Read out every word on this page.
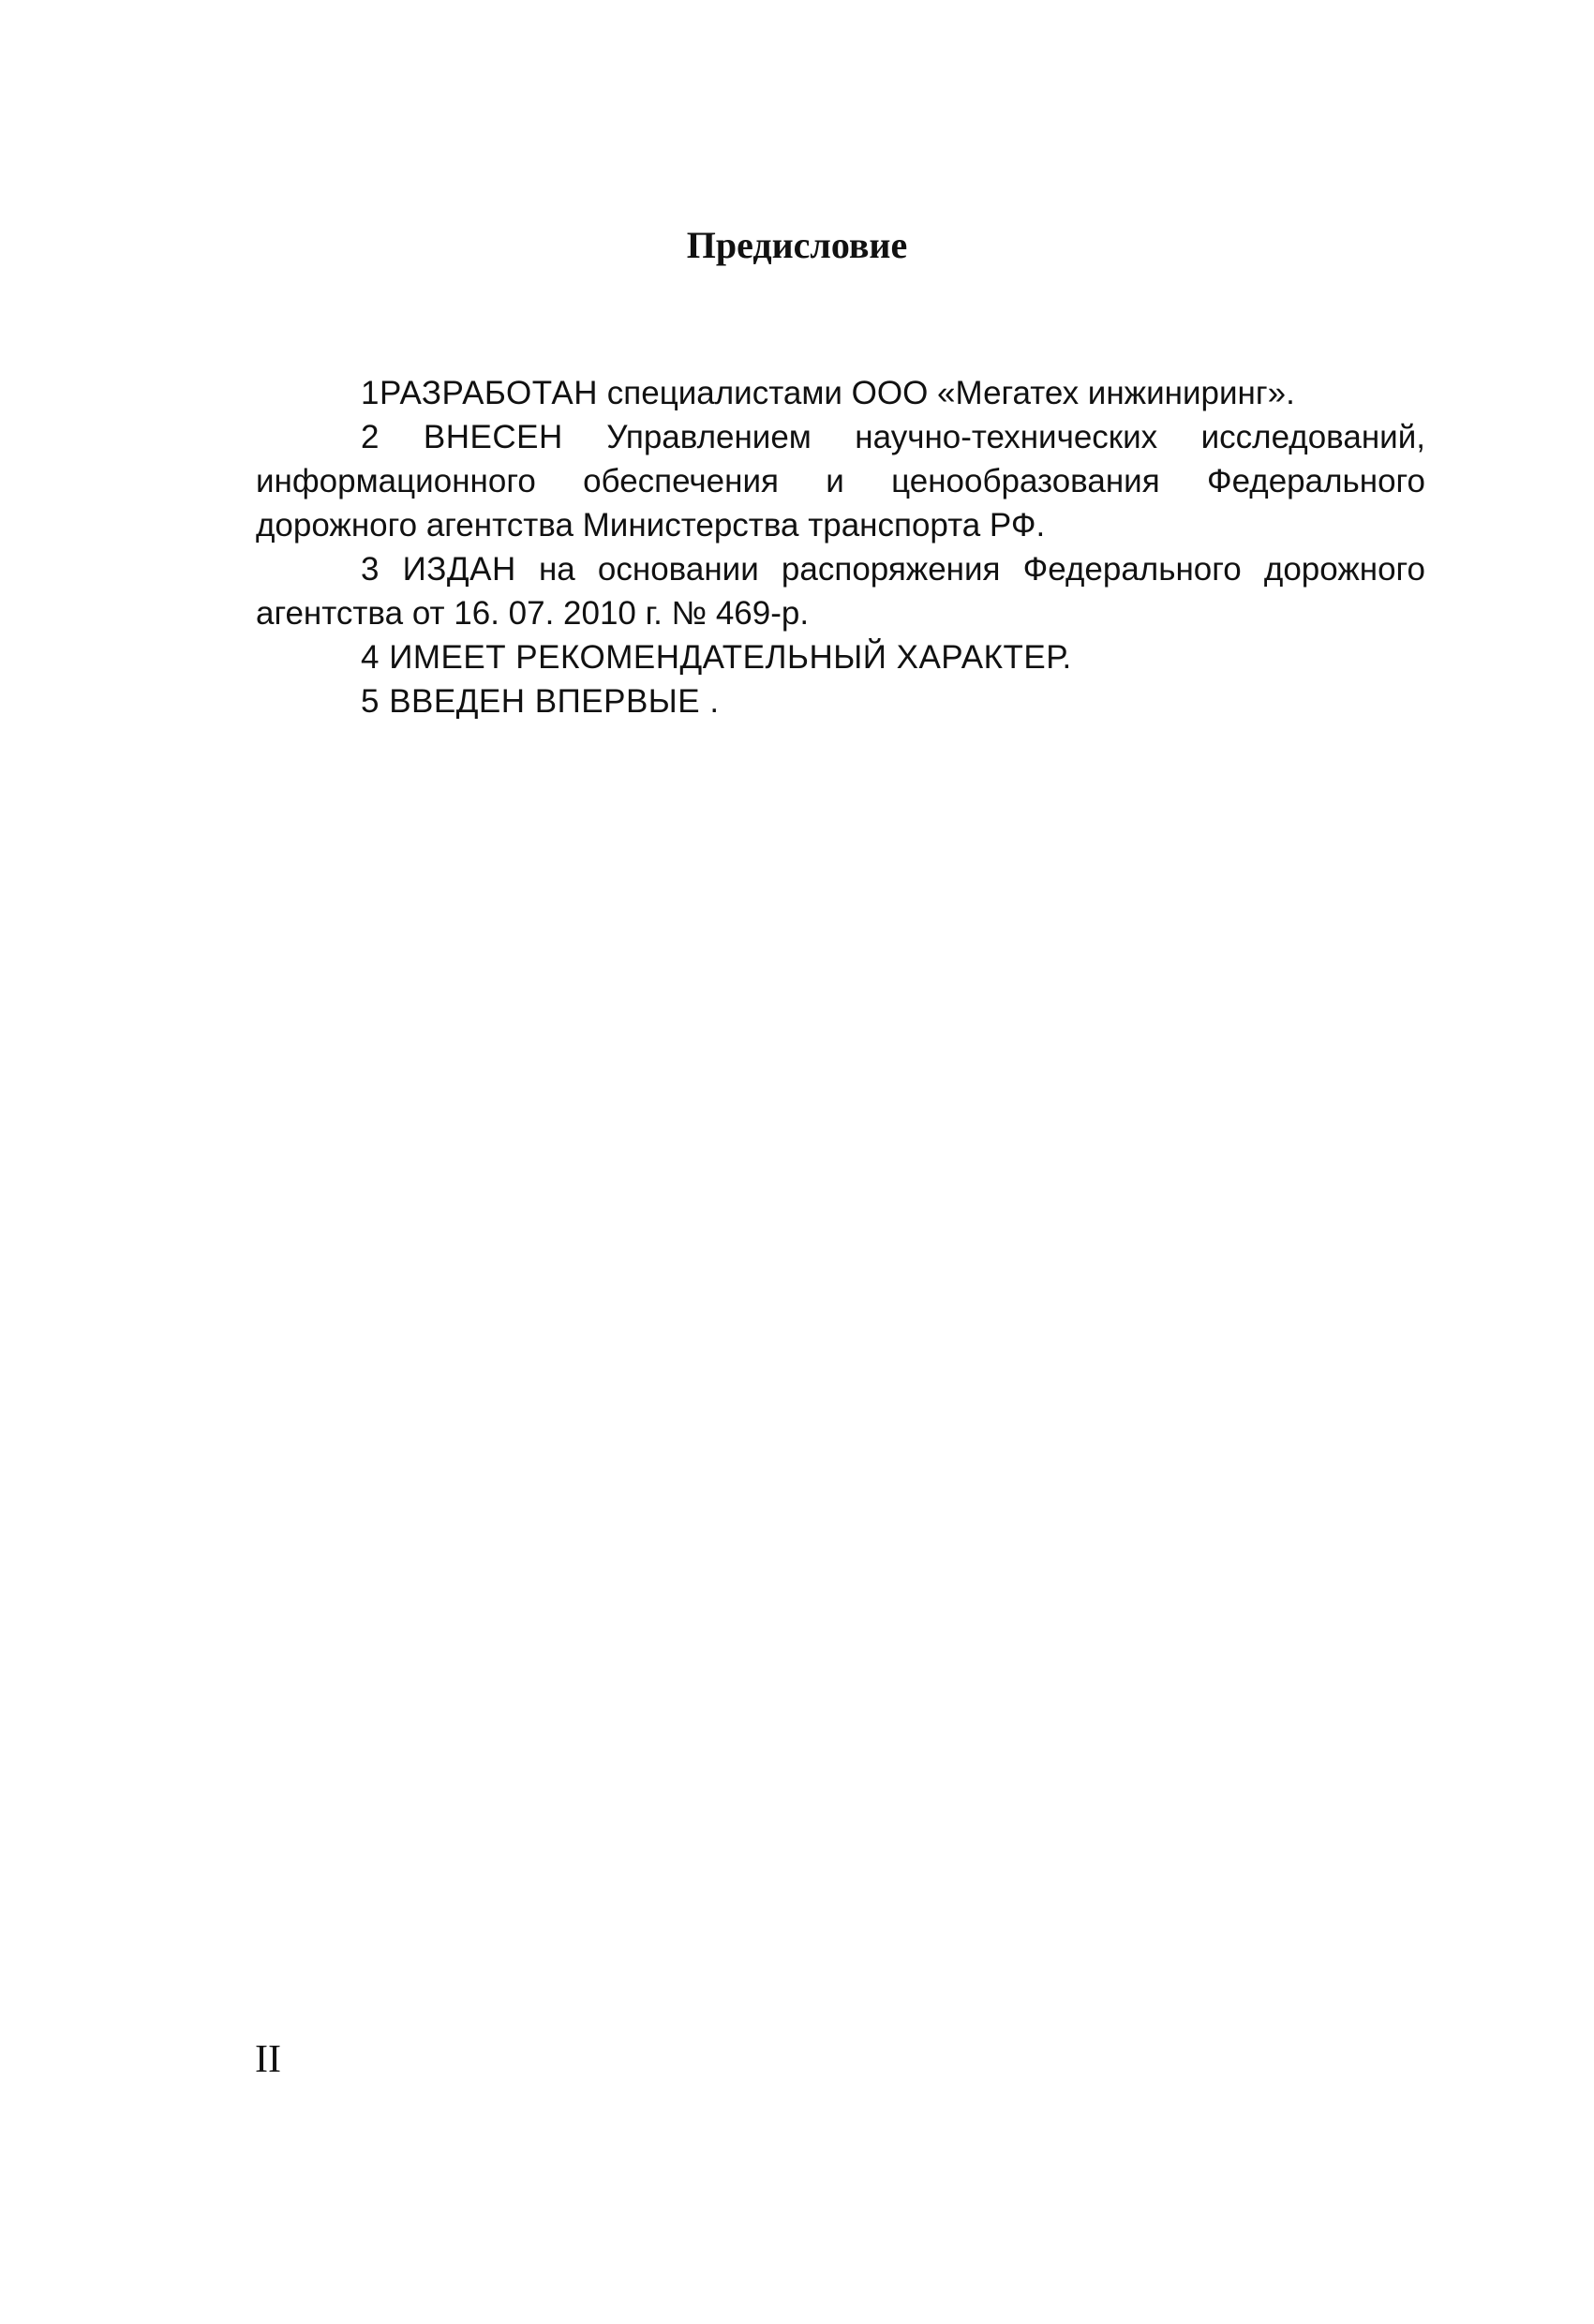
Предисловие

1РАЗРАБОТАН специалистами ООО «Мегатех инжиниринг».

2 ВНЕСЕН Управлением научно-технических исследований, информационного обеспечения и ценообразования Федерального дорожного агентства Министерства транспорта РФ.

3 ИЗДАН на основании распоряжения Федерального дорожного агентства от 16. 07. 2010 г. № 469-р.

4 ИМЕЕТ РЕКОМЕНДАТЕЛЬНЫЙ ХАРАКТЕР.

5 ВВЕДЕН ВПЕРВЫЕ .

II
